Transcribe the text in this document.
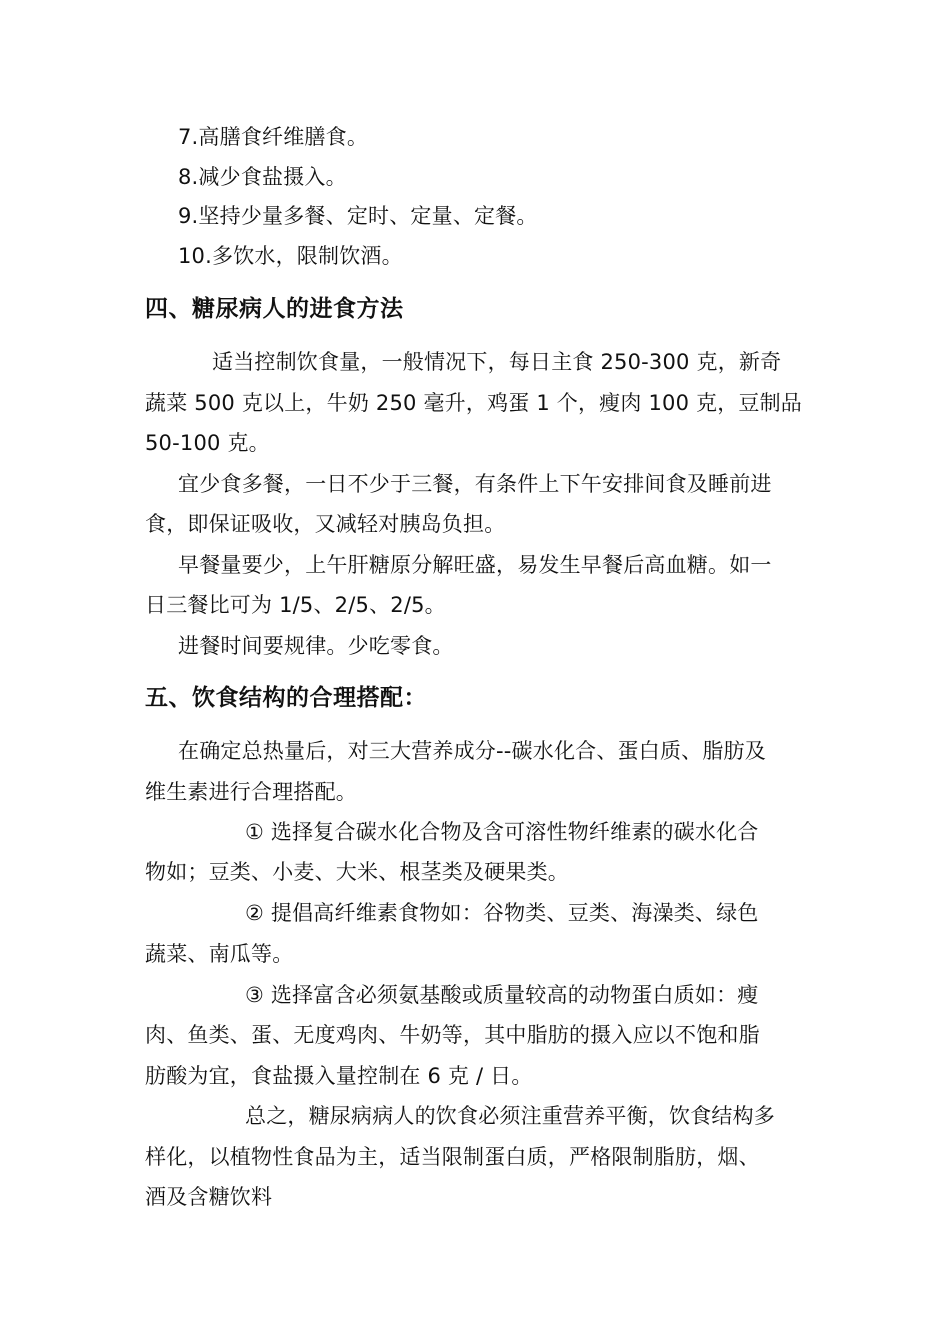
7.高膳食纤维膳食。
8.减少食盐摄入。
9.坚持少量多餐、定时、定量、定餐。
10.多饮水，限制饮酒。
四、糖尿病人的进食方法
适当控制饮食量，一般情况下，每日主食 250-300 克，新奇
蔬菜 500 克以上，牛奶 250 毫升，鸡蛋 1 个，瘦肉 100 克，豆制品
50-100 克。
宜少食多餐，一日不少于三餐，有条件上下午安排间食及睡前进
食，即保证吸收，又减轻对胰岛负担。
早餐量要少，上午肝糖原分解旺盛，易发生早餐后高血糖。如一
日三餐比可为 1/5、2/5、2/5。
进餐时间要规律。少吃零食。
五、饮食结构的合理搭配：
在确定总热量后，对三大营养成分--碳水化合、蛋白质、脂肪及
维生素进行合理搭配。
① 选择复合碳水化合物及含可溶性物纤维素的碳水化合
物如；豆类、小麦、大米、根茎类及硬果类。
② 提倡高纤维素食物如：谷物类、豆类、海澡类、绿色
蔬菜、南瓜等。
③ 选择富含必须氨基酸或质量较高的动物蛋白质如：瘦
肉、鱼类、蛋、无度鸡肉、牛奶等，其中脂肪的摄入应以不饱和脂
肪酸为宜，食盐摄入量控制在 6 克 / 日。
总之，糖尿病病人的饮食必须注重营养平衡，饮食结构多
样化，以植物性食品为主，适当限制蛋白质，严格限制脂肪，烟、
酒及含糖饮料
